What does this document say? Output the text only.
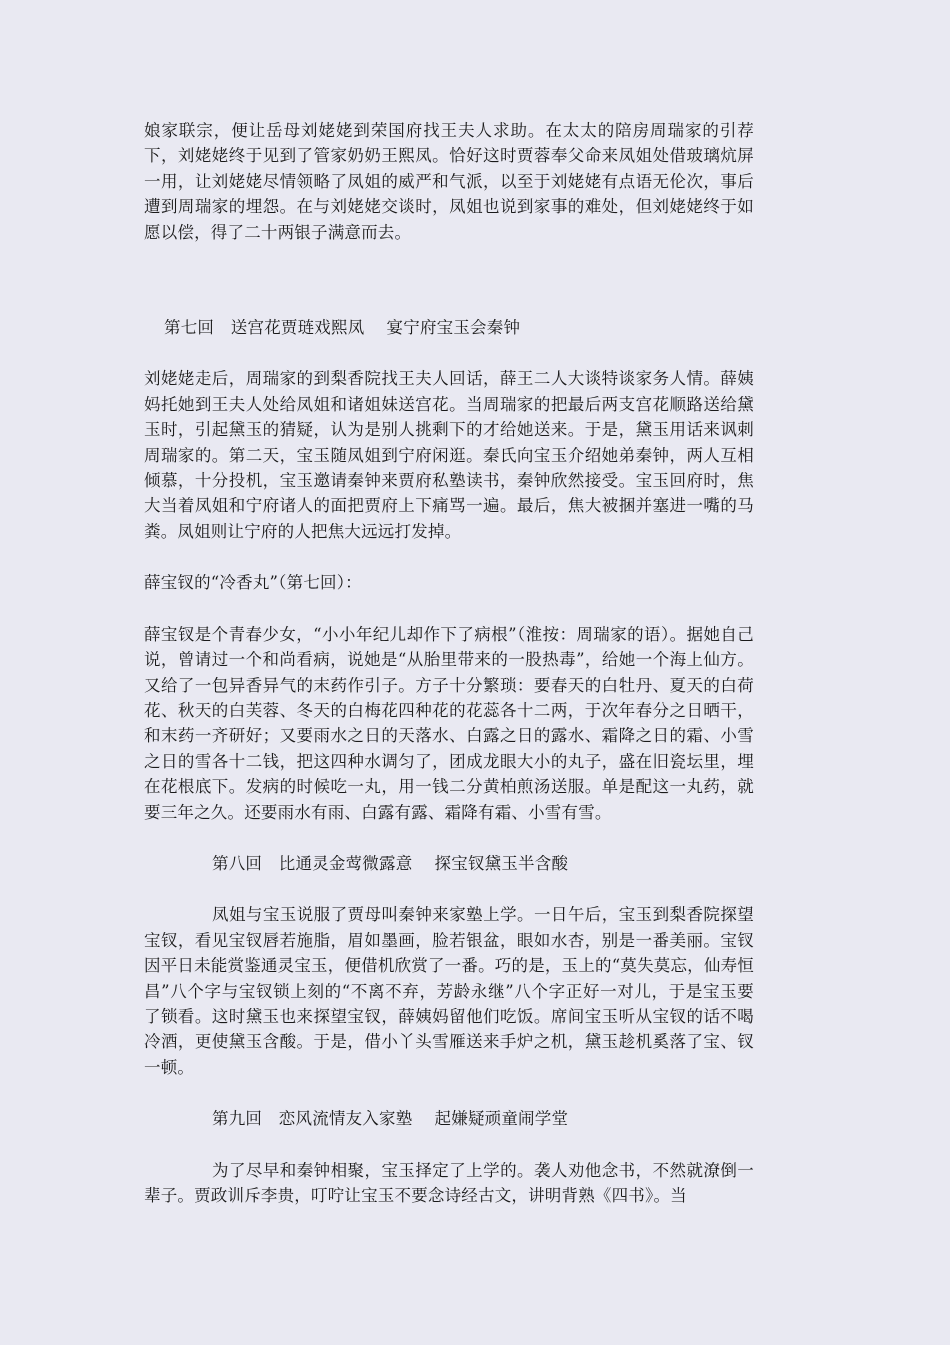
娘家联宗，便让岳母刘姥姥到荣国府找王夫人求助。在太太的陪房周瑞家的引荐下，刘姥姥终于见到了管家奶奶王熙凤。恰好这时贾蓉奉父命来凤姐处借玻璃炕屏一用，让刘姥姥尽情领略了凤姐的威严和气派，以至于刘姥姥有点语无伦次，事后遭到周瑞家的埋怨。在与刘姥姥交谈时，凤姐也说到家事的难处，但刘姥姥终于如愿以偿，得了二十两银子满意而去。

第七回　送宫花贾琏戏熙凤　 宴宁府宝玉会秦钟

刘姥姥走后，周瑞家的到梨香院找王夫人回话，薛王二人大谈特谈家务人情。薛姨妈托她到王夫人处给凤姐和诸姐妹送宫花。当周瑞家的把最后两支宫花顺路送给黛玉时，引起黛玉的猜疑，认为是别人挑剩下的才给她送来。于是，黛玉用话来讽刺周瑞家的。第二天，宝玉随凤姐到宁府闲逛。秦氏向宝玉介绍她弟秦钟，两人互相倾慕，十分投机，宝玉邀请秦钟来贾府私塾读书，秦钟欣然接受。宝玉回府时，焦大当着凤姐和宁府诸人的面把贾府上下痛骂一遍。最后，焦大被捆并塞进一嘴的马粪。凤姐则让宁府的人把焦大远远打发掉。

薛宝钗的“冷香丸”（第七回）：

薛宝钗是个青春少女，“小小年纪儿却作下了病根”（淮按：周瑞家的语）。据她自己说，曾请过一个和尚看病，说她是“从胎里带来的一股热毒”，给她一个海上仙方。又给了一包异香异气的末药作引子。方子十分繁琐：要春天的白牡丹、夏天的白荷花、秋天的白芙蓉、冬天的白梅花四种花的花蕊各十二两，于次年春分之日晒干，和末药一齐研好；又要雨水之日的天落水、白露之日的露水、霜降之日的霜、小雪之日的雪各十二钱，把这四种水调匀了，团成龙眼大小的丸子，盛在旧瓷坛里，埋在花根底下。发病的时候吃一丸，用一钱二分黄柏煎汤送服。单是配这一丸药，就要三年之久。还要雨水有雨、白露有露、霜降有霜、小雪有雪。

第八回　比通灵金莺微露意　 探宝钗黛玉半含酸

凤姐与宝玉说服了贾母叫秦钟来家塾上学。一日午后，宝玉到梨香院探望宝钗，看见宝钗唇若施脂，眉如墨画，脸若银盆，眼如水杏，别是一番美丽。宝钗因平日未能赏鉴通灵宝玉，便借机欣赏了一番。巧的是，玉上的“莫失莫忘，仙寿恒昌”八个字与宝钗锁上刻的“不离不弃，芳龄永继”八个字正好一对儿，于是宝玉要了锁看。这时黛玉也来探望宝钗，薛姨妈留他们吃饭。席间宝玉听从宝钗的话不喝冷酒，更使黛玉含酸。于是，借小丫头雪雁送来手炉之机，黛玉趁机奚落了宝、钗一顿。

第九回　恋风流情友入家塾　 起嫌疑顽童闹学堂

为了尽早和秦钟相聚，宝玉择定了上学的。袭人劝他念书，不然就潦倒一辈子。贾政训斥李贵，叮咛让宝玉不要念诗经古文，讲明背熟《四书》。当
